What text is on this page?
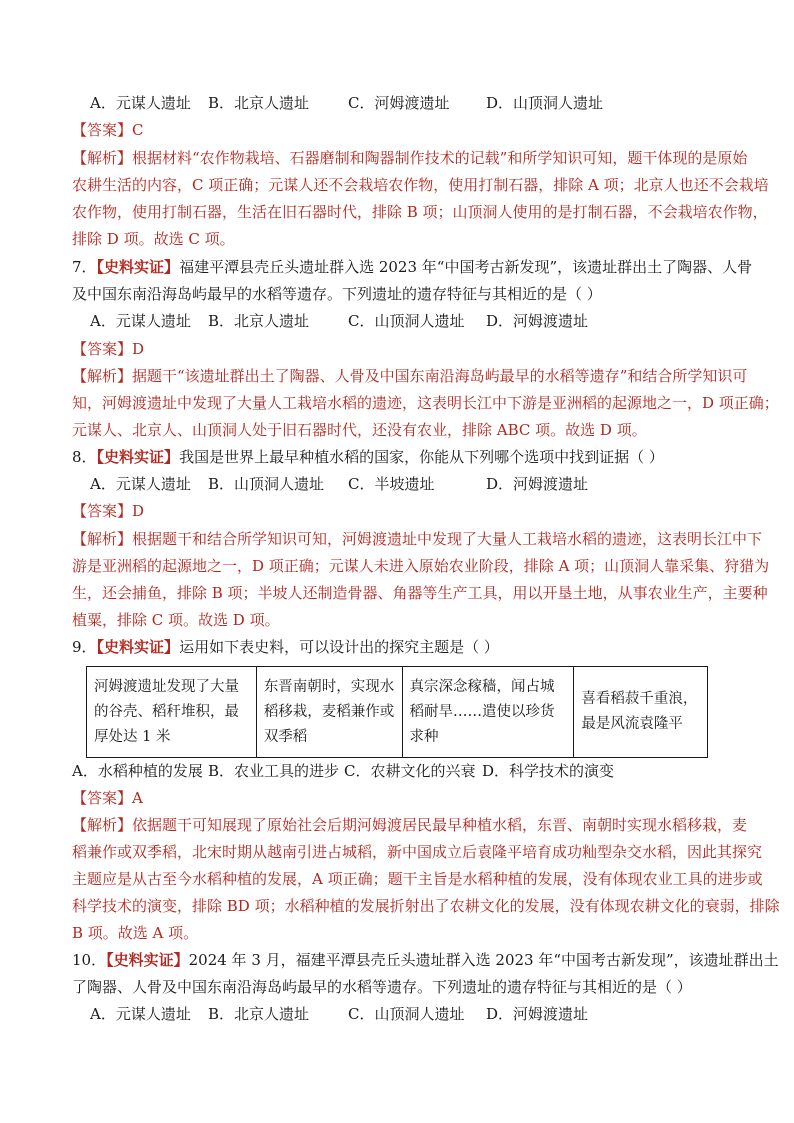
A．元谋人遗址 B．北京人遗址	C．河姆渡遗址 D．山顶洞人遗址
【答案】C
【解析】根据材料“农作物栽培、石器磨制和陶器制作技术的记载”和所学知识可知，题干体现的是原始
农耕生活的内容，C 项正确；元谋人还不会栽培农作物，使用打制石器，排除 A 项；北京人也还不会栽培
农作物，使用打制石器，生活在旧石器时代，排除 B 项；山顶洞人使用的是打制石器，不会栽培农作物，
排除 D 项。故选 C 项。
7．【史料实证】福建平潭县壳丘头遗址群入选 2023 年“中国考古新发现”，该遗址群出土了陶器、人骨
及中国东南沿海岛屿最早的水稻等遗存。下列遗址的遗存特征与其相近的是（ ）
A．元谋人遗址 B．北京人遗址	C．山顶洞人遗址 D．河姆渡遗址
【答案】D
【解析】据题干“该遗址群出土了陶器、人骨及中国东南沿海岛屿最早的水稻等遗存”和结合所学知识可
知，河姆渡遗址中发现了大量人工栽培水稻的遗迹，这表明长江中下游是亚洲稻的起源地之一，D 项正确；
元谋人、北京人、山顶洞人处于旧石器时代，还没有农业，排除 ABC 项。故选 D 项。
8．【史料实证】我国是世界上最早种植水稻的国家，你能从下列哪个选项中找到证据（ ）
A．元谋人遗址 B．山顶洞人遗址 C．半坡遗址	D．河姆渡遗址
【答案】D
【解析】根据题干和结合所学知识可知，河姆渡遗址中发现了大量人工栽培水稻的遗迹，这表明长江中下
游是亚洲稻的起源地之一，D 项正确；元谋人未进入原始农业阶段，排除 A 项；山顶洞人靠采集、狩猎为
生，还会捕鱼，排除 B 项；半坡人还制造骨器、角器等生产工具，用以开垦土地，从事农业生产，主要种
植粟，排除 C 项。故选 D 项。
9．【史料实证】运用如下表史料，可以设计出的探究主题是（ ）
河姆渡遗址发现了大量的谷壳、稻秆堆积，最厚处达 1 米	东晋南朝时，实现水稻移栽，麦稻兼作或双季稻	真宗深念稼穑，闻占城稻耐旱……遣使以珍货求种	喜看稻菽千重浪，最是风流袁隆平
A．水稻种植的发展 B．农业工具的进步 C．农耕文化的兴衰 D．科学技术的演变
【答案】A
【解析】依据题干可知展现了原始社会后期河姆渡居民最早种植水稻，东晋、南朝时实现水稻移栽，麦
稻兼作或双季稻，北宋时期从越南引进占城稻，新中国成立后袁隆平培育成功籼型杂交水稻，因此其探究
主题应是从古至今水稻种植的发展，A 项正确；题干主旨是水稻种植的发展，没有体现农业工具的进步或
科学技术的演变，排除 BD 项；水稻种植的发展折射出了农耕文化的发展，没有体现农耕文化的衰弱，排除
B 项。故选 A 项。
10．【史料实证】2024 年 3 月，福建平潭县壳丘头遗址群入选 2023 年“中国考古新发现”，该遗址群出土
了陶器、人骨及中国东南沿海岛屿最早的水稻等遗存。下列遗址的遗存特征与其相近的是（ ）
A．元谋人遗址 B．北京人遗址	C．山顶洞人遗址 D．河姆渡遗址
